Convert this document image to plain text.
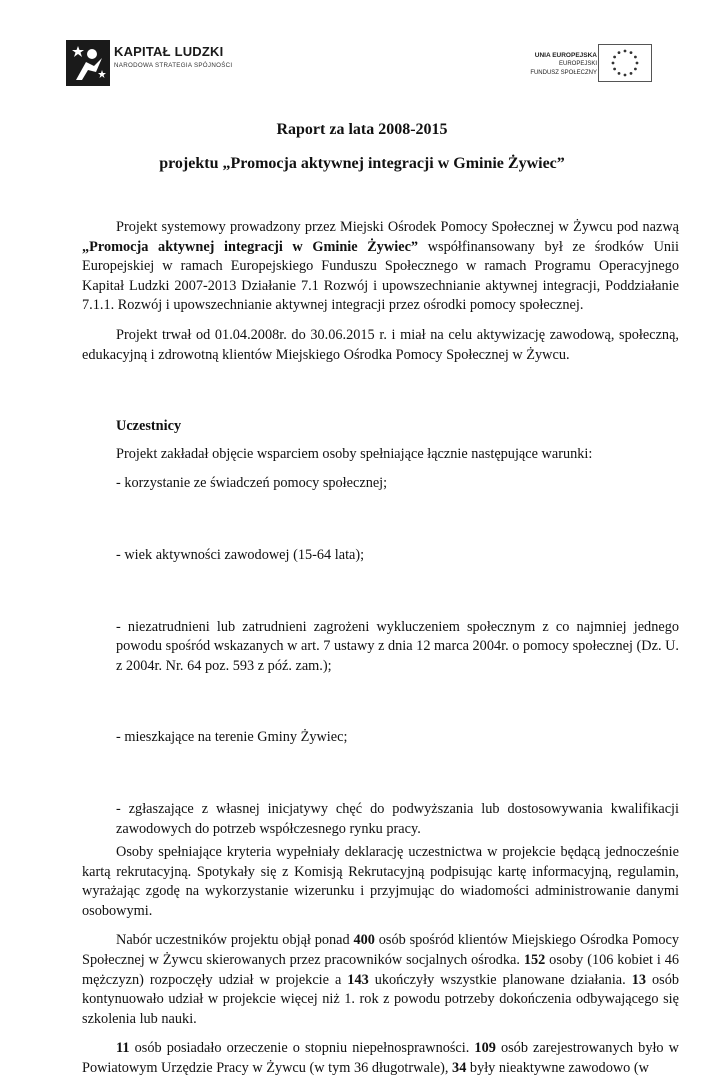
KAPITAŁ LUDZKI
NARODOWA STRATEGIA SPÓJNOŚCI
UNIA EUROPEJSKA
EUROPEJSKI
FUNDUSZ SPOŁECZNY
Raport za lata 2008-2015
projektu „Promocja aktywnej integracji w Gminie Żywiec”

Projekt systemowy prowadzony przez Miejski Ośrodek Pomocy Społecznej w Żywcu pod nazwą „Promocja aktywnej integracji w Gminie Żywiec” współfinansowany był ze środków Unii Europejskiej w ramach Europejskiego Funduszu Społecznego w ramach Programu Operacyjnego Kapitał Ludzki 2007-2013 Działanie 7.1 Rozwój i upowszechnianie aktywnej integracji, Poddziałanie 7.1.1. Rozwój i upowszechnianie aktywnej integracji przez ośrodki pomocy społecznej.

Projekt trwał od 01.04.2008r. do 30.06.2015 r. i miał na celu aktywizację zawodową, społeczną, edukacyjną i zdrowotną klientów Miejskiego Ośrodka Pomocy Społecznej w Żywcu.

Uczestnicy

Projekt zakładał objęcie wsparciem osoby spełniające łącznie następujące warunki:

- korzystanie ze świadczeń pomocy społecznej;

- wiek aktywności zawodowej (15-64 lata);

- niezatrudnieni lub zatrudnieni zagrożeni wykluczeniem społecznym z co najmniej jednego powodu spośród wskazanych w art. 7 ustawy z dnia 12 marca 2004r. o pomocy społecznej (Dz. U. z 2004r. Nr. 64 poz. 593 z póź. zam.);

- mieszkające na terenie Gminy Żywiec;

- zgłaszające z własnej inicjatywy chęć do podwyższania lub dostosowywania kwalifikacji zawodowych do potrzeb współczesnego rynku pracy.

Osoby spełniające kryteria wypełniały deklarację uczestnictwa w projekcie będącą jednocześnie kartą rekrutacyjną. Spotykały się z Komisją Rekrutacyjną podpisując kartę informacyjną, regulamin, wyrażając zgodę na wykorzystanie wizerunku i przyjmując do wiadomości administrowanie danymi osobowymi.

Nabór uczestników projektu objął ponad 400 osób spośród klientów Miejskiego Ośrodka Pomocy Społecznej w Żywcu skierowanych przez pracowników socjalnych ośrodka. 152 osoby (106 kobiet i 46 mężczyzn) rozpoczęły udział w projekcie a 143 ukończyły wszystkie planowane działania. 13 osób kontynuowało udział w projekcie więcej niż 1. rok z powodu potrzeby dokończenia odbywającego się szkolenia lub nauki.

11 osób posiadało orzeczenie o stopniu niepełnosprawności. 109 osób zarejestrowanych było w Powiatowym Urzędzie Pracy w Żywcu (w tym 36 długotrwale), 34 były nieaktywne zawodowo (w
